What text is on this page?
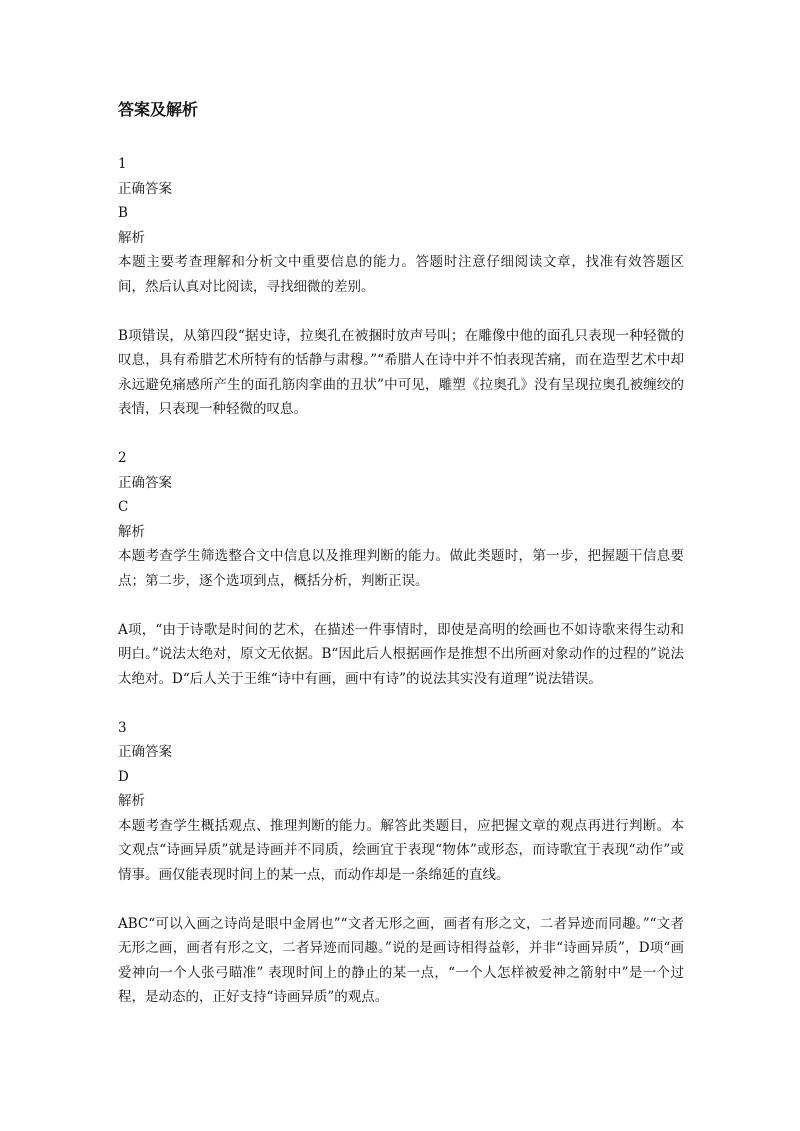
答案及解析
1
正确答案
B
解析

本题主要考查理解和分析文中重要信息的能力。答题时注意仔细阅读文章，找准有效答题区间，然后认真对比阅读，寻找细微的差别。

B项错误，从第四段“据史诗，拉奥孔在被捆时放声号叫；在雕像中他的面孔只表现一种轻微的叹息，具有希腊艺术所特有的恬静与肃穆。”“希腊人在诗中并不怕表现苦痛，而在造型艺术中却永远避免痛感所产生的面孔筋肉挛曲的丑状”中可见，雕塑《拉奥孔》没有呈现拉奥孔被缠绞的表情，只表现一种轻微的叹息。

2
正确答案
C
解析

本题考查学生筛选整合文中信息以及推理判断的能力。做此类题时，第一步，把握题干信息要点；第二步，逐个选项到点，概括分析，判断正误。

A项，“由于诗歌是时间的艺术，在描述一件事情时，即使是高明的绘画也不如诗歌来得生动和明白。”说法太绝对，原文无依据。B“因此后人根据画作是推想不出所画对象动作的过程的”说法太绝对。D“后人关于王维“诗中有画，画中有诗”的说法其实没有道理”说法错误。

3
正确答案
D
解析

本题考查学生概括观点、推理判断的能力。解答此类题目，应把握文章的观点再进行判断。本文观点“诗画异质”就是诗画并不同质，绘画宜于表现“物体”或形态，而诗歌宜于表现“动作”或情事。画仅能表现时间上的某一点，而动作却是一条绵延的直线。

ABC“可以入画之诗尚是眼中金屑也”“文者无形之画，画者有形之文，二者异迹而同趣。”“文者无形之画，画者有形之文，二者异迹而同趣。”说的是画诗相得益彰，并非“诗画异质”，D项“画爱神向一个人张弓瞄准” 表现时间上的静止的某一点，“一个人怎样被爱神之箭射中”是一个过程，是动态的，正好支持“诗画异质”的观点。
